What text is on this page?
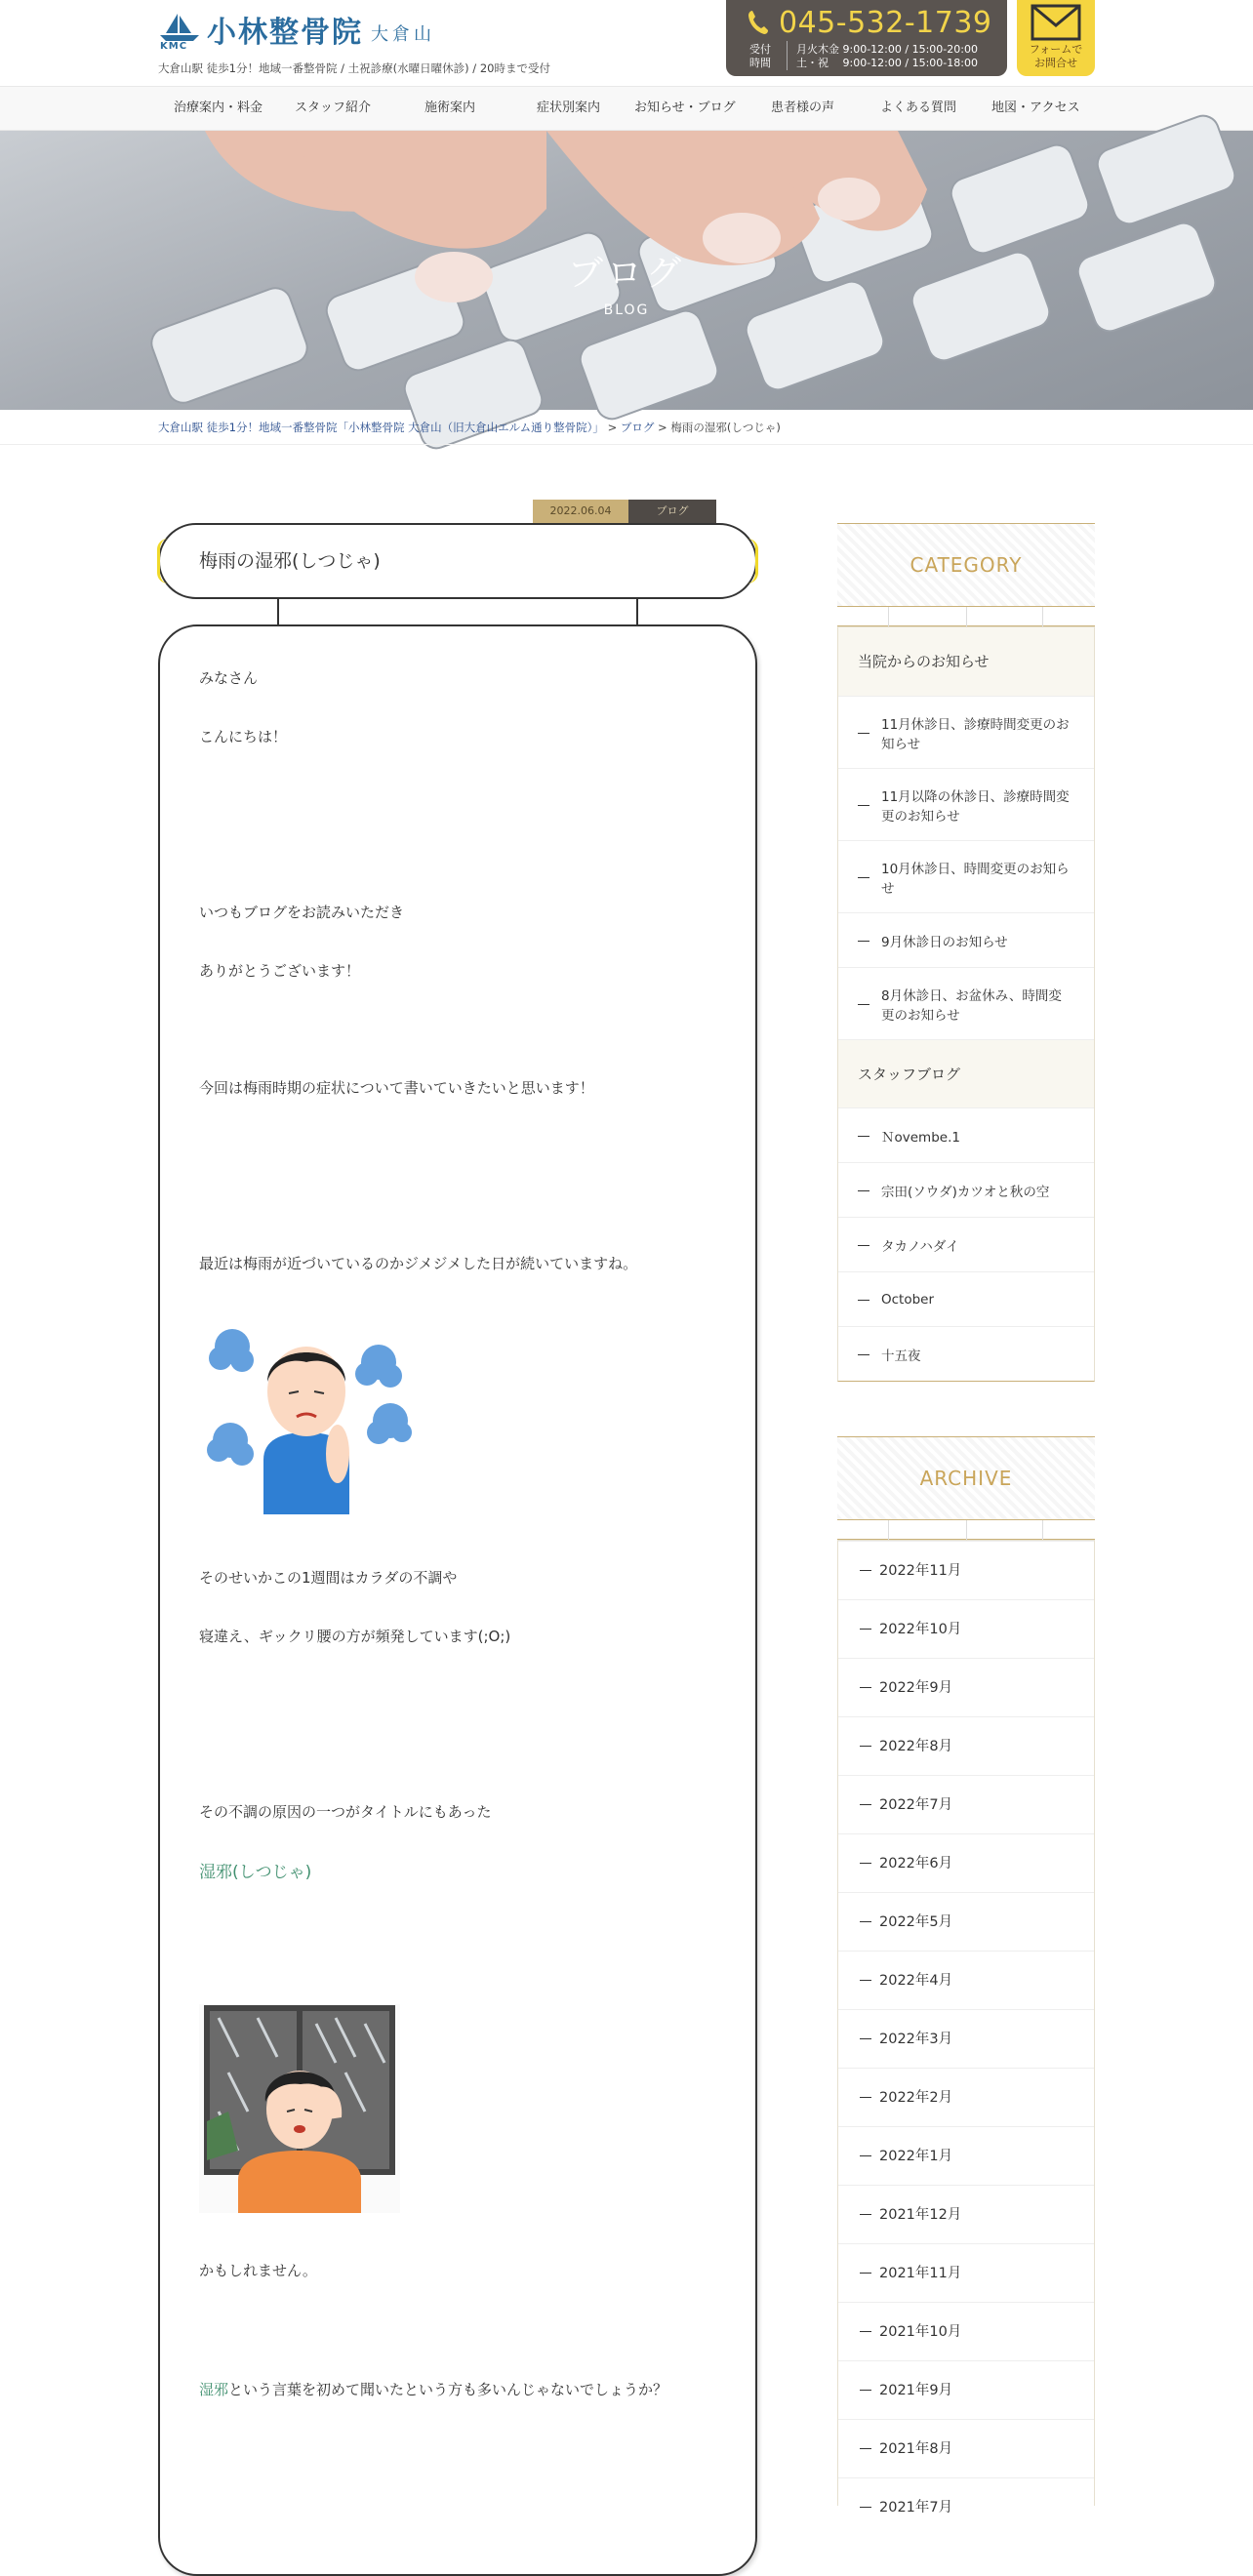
KMC 小林整骨院 大倉山
大倉山駅 徒歩1分！地域一番整骨院 / 土祝診療(水曜日曜休診) / 20時まで受付
045-532-1739
受付
時間
月火木金 9:00-12:00 / 15:00-20:00
土・祝　 9:00-12:00 / 15:00-18:00
フォームで
お問合せ
治療案内・料金	スタッフ紹介	施術案内	症状別案内	お知らせ・ブログ	患者様の声	よくある質問	地図・アクセス
ブログ
BLOG
大倉山駅 徒歩1分！地域一番整骨院「小林整骨院 大倉山（旧大倉山エルム通り整骨院）」 > ブログ > 梅雨の湿邪(しつじゃ)
2022.06.04	ブログ
梅雨の湿邪(しつじゃ)
みなさん
こんにちは！
いつもブログをお読みいただき
ありがとうございます！
今回は梅雨時期の症状について書いていきたいと思います！
最近は梅雨が近づいているのかジメジメした日が続いていますね。
そのせいかこの1週間はカラダの不調や
寝違え、ギックリ腰の方が頻発しています(;O;)
その不調の原因の一つがタイトルにもあった
湿邪(しつじゃ)
かもしれません。
湿邪という言葉を初めて聞いたという方も多いんじゃないでしょうか？
CATEGORY
当院からのお知らせ
11月休診日、診療時間変更のお知らせ
11月以降の休診日、診療時間変更のお知らせ
10月休診日、時間変更のお知らせ
9月休診日のお知らせ
8月休診日、お盆休み、時間変更のお知らせ
スタッフブログ
Ｎovembe.1
宗田(ソウダ)カツオと秋の空
タカノハダイ
October
十五夜
ARCHIVE
2022年11月
2022年10月
2022年9月
2022年8月
2022年7月
2022年6月
2022年5月
2022年4月
2022年3月
2022年2月
2022年1月
2021年12月
2021年11月
2021年10月
2021年9月
2021年8月
2021年7月
